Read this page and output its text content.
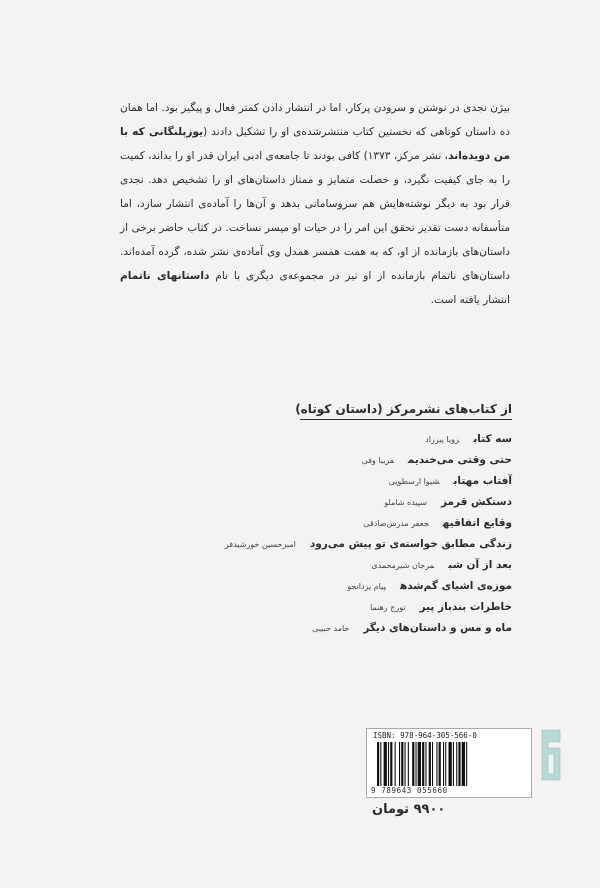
بیژن نجدی در نوشتن و سرودن پرکار، اما در انتشار دادن کمتر فعال و پیگیر بود. اما همان ده داستان کوتاهی که نخستین کتاب منتشرشده‌ی او را تشکیل دادند (یوزپلنگانی که با من دویده‌اند، نشر مرکز، ۱۳۷۳) کافی بودند تا جامعه‌ی ادبی ایران قدر او را بداند، کمیت را به جای کیفیت نگیرد، و خصلت متمایز و ممتاز داستان‌های او را تشخیص دهد. نجدی قرار بود به دیگر نوشته‌هایش هم سروسامانی بدهد و آن‌ها را آماده‌ی انتشار سازد، اما متأسفانه دست تقدیر تحقق این امر را در حیات او میسر نساخت. در کتاب حاضر برخی از داستان‌های بازمانده از او، که به همت همسر همدل وی آماده‌ی نشر شده، گرده آمده‌اند. داستان‌های ناتمام بازمانده از او نیز در مجموعه‌ی دیگری با نام داستانهای ناتمام انتشار یافته است.

از کتاب‌های نشرمرکز (داستان کوتاه)
سه کتابزویا پیرزاد
حتی وقتی می‌خندیمفریبا وفی
آفتاب مهتابشیوا ارسطویی
دستکش قرمزسپیده شاملو
وقایع اتفاقیهجعفر مدرس‌صادقی
زندگی مطابق خواسته‌ی تو پیش می‌رودامیرحسین خورشیدفر
بعد از آن شبمرجان شیرمحمدی
موزه‌ی اشیای گم‌شدهپیام یزدانجو
خاطرات بندباز پیرتورج رهنما
ماه و مس و داستان‌های دیگرحامد حبیبی
ISBN: 978-964-305-566-0
9 789643 055660
۹۹۰۰ تومان
